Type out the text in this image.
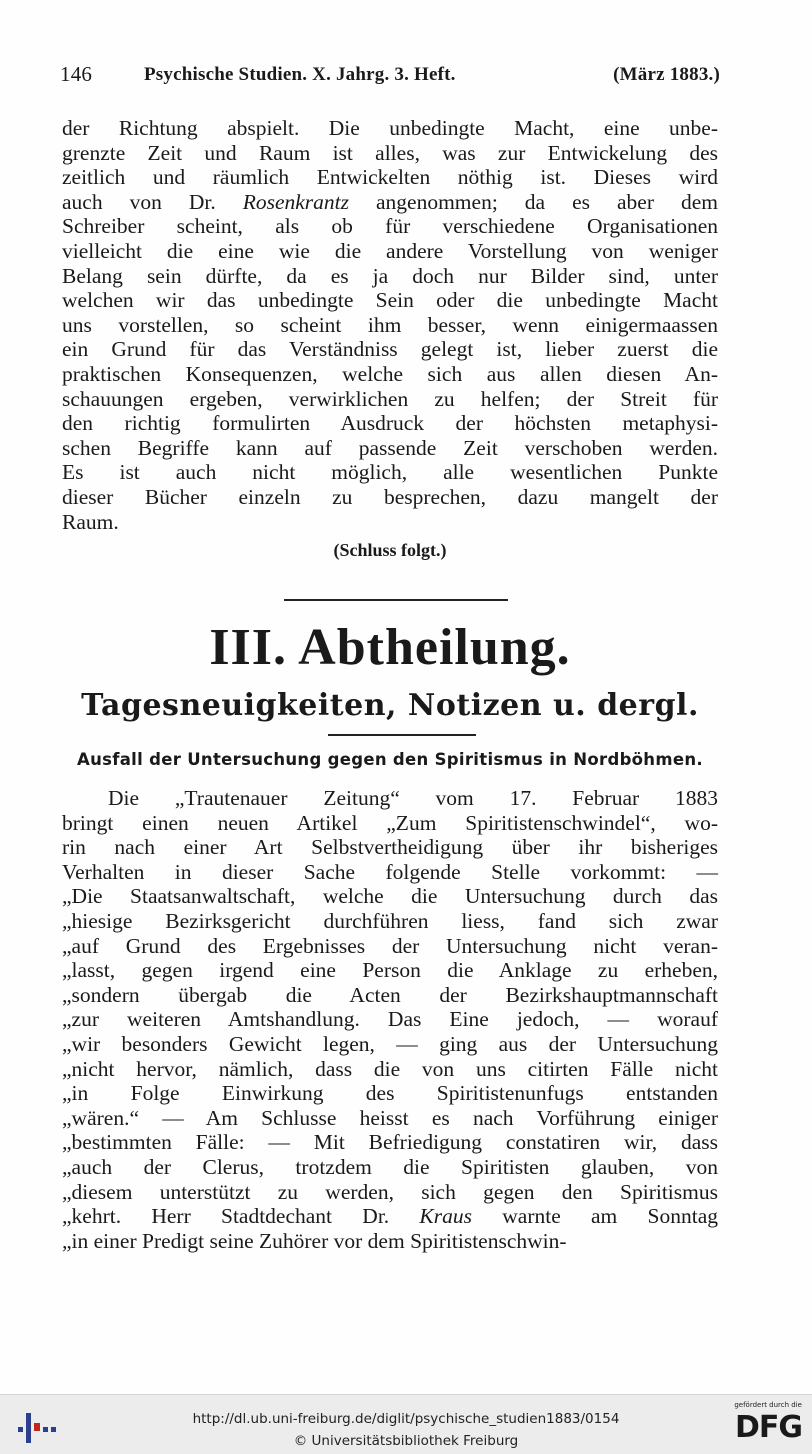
146	Psychische Studien. X. Jahrg. 3. Heft.	(März 1883.)
der Richtung abspielt. Die unbedingte Macht, eine unbe-
grenzte Zeit und Raum ist alles, was zur Entwickelung des
zeitlich und räumlich Entwickelten nöthig ist. Dieses wird
auch von Dr. Rosenkrantz angenommen; da es aber dem
Schreiber scheint, als ob für verschiedene Organisationen
vielleicht die eine wie die andere Vorstellung von weniger
Belang sein dürfte, da es ja doch nur Bilder sind, unter
welchen wir das unbedingte Sein oder die unbedingte Macht
uns vorstellen, so scheint ihm besser, wenn einigermaassen
ein Grund für das Verständniss gelegt ist, lieber zuerst die
praktischen Konsequenzen, welche sich aus allen diesen An-
schauungen ergeben, verwirklichen zu helfen; der Streit für
den richtig formulirten Ausdruck der höchsten metaphysi-
schen Begriffe kann auf passende Zeit verschoben werden.
Es ist auch nicht möglich, alle wesentlichen Punkte
dieser Bücher einzeln zu besprechen, dazu mangelt der
Raum.
(Schluss folgt.)
III. Abtheilung.
Tagesneuigkeiten, Notizen u. dergl.
Ausfall der Untersuchung gegen den Spiritismus in Nordböhmen.
Die „Trautenauer Zeitung“ vom 17. Februar 1883
bringt einen neuen Artikel „Zum Spiritistenschwindel“, wo-
rin nach einer Art Selbstvertheidigung über ihr bisheriges
Verhalten in dieser Sache folgende Stelle vorkommt: —
„Die Staatsanwaltschaft, welche die Untersuchung durch das
„hiesige Bezirksgericht durchführen liess, fand sich zwar
„auf Grund des Ergebnisses der Untersuchung nicht veran-
„lasst, gegen irgend eine Person die Anklage zu erheben,
„sondern übergab die Acten der Bezirkshauptmannschaft
„zur weiteren Amtshandlung. Das Eine jedoch, — worauf
„wir besonders Gewicht legen, — ging aus der Untersuchung
„nicht hervor, nämlich, dass die von uns citirten Fälle nicht
„in Folge Einwirkung des Spiritistenunfugs entstanden
„wären.“ — Am Schlusse heisst es nach Vorführung einiger
„bestimmten Fälle: — Mit Befriedigung constatiren wir, dass
„auch der Clerus, trotzdem die Spiritisten glauben, von
„diesem unterstützt zu werden, sich gegen den Spiritismus
„kehrt. Herr Stadtdechant Dr. Kraus warnte am Sonntag
„in einer Predigt seine Zuhörer vor dem Spiritistenschwin-
http://dl.ub.uni-freiburg.de/diglit/psychische_studien1883/0154
© Universitätsbibliothek Freiburg
gefördert durch die
DFG
